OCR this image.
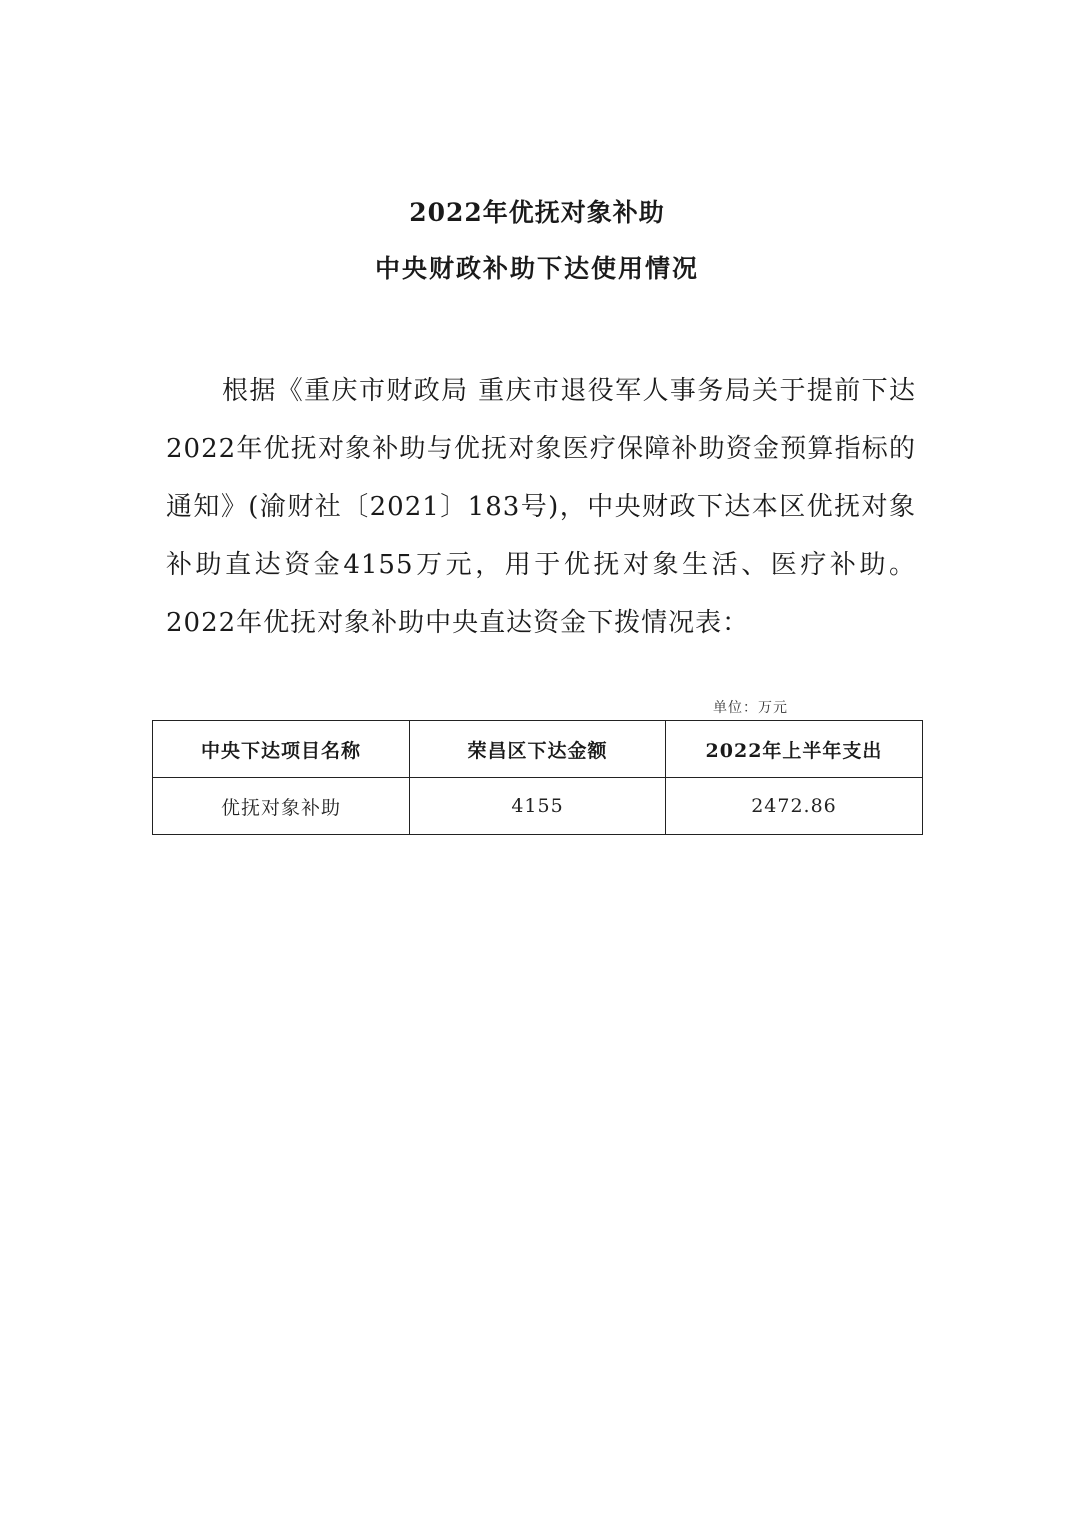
2022年优抚对象补助
中央财政补助下达使用情况

根据《重庆市财政局 重庆市退役军人事务局关于提前下达2022年优抚对象补助与优抚对象医疗保障补助资金预算指标的通知》(渝财社〔2021〕183号)，中央财政下达本区优抚对象补助直达资金4155万元，用于优抚对象生活、医疗补助。2022年优抚对象补助中央直达资金下拨情况表：

单位：万元
中央下达项目名称	荣昌区下达金额	2022年上半年支出
优抚对象补助	4155	2472.86
